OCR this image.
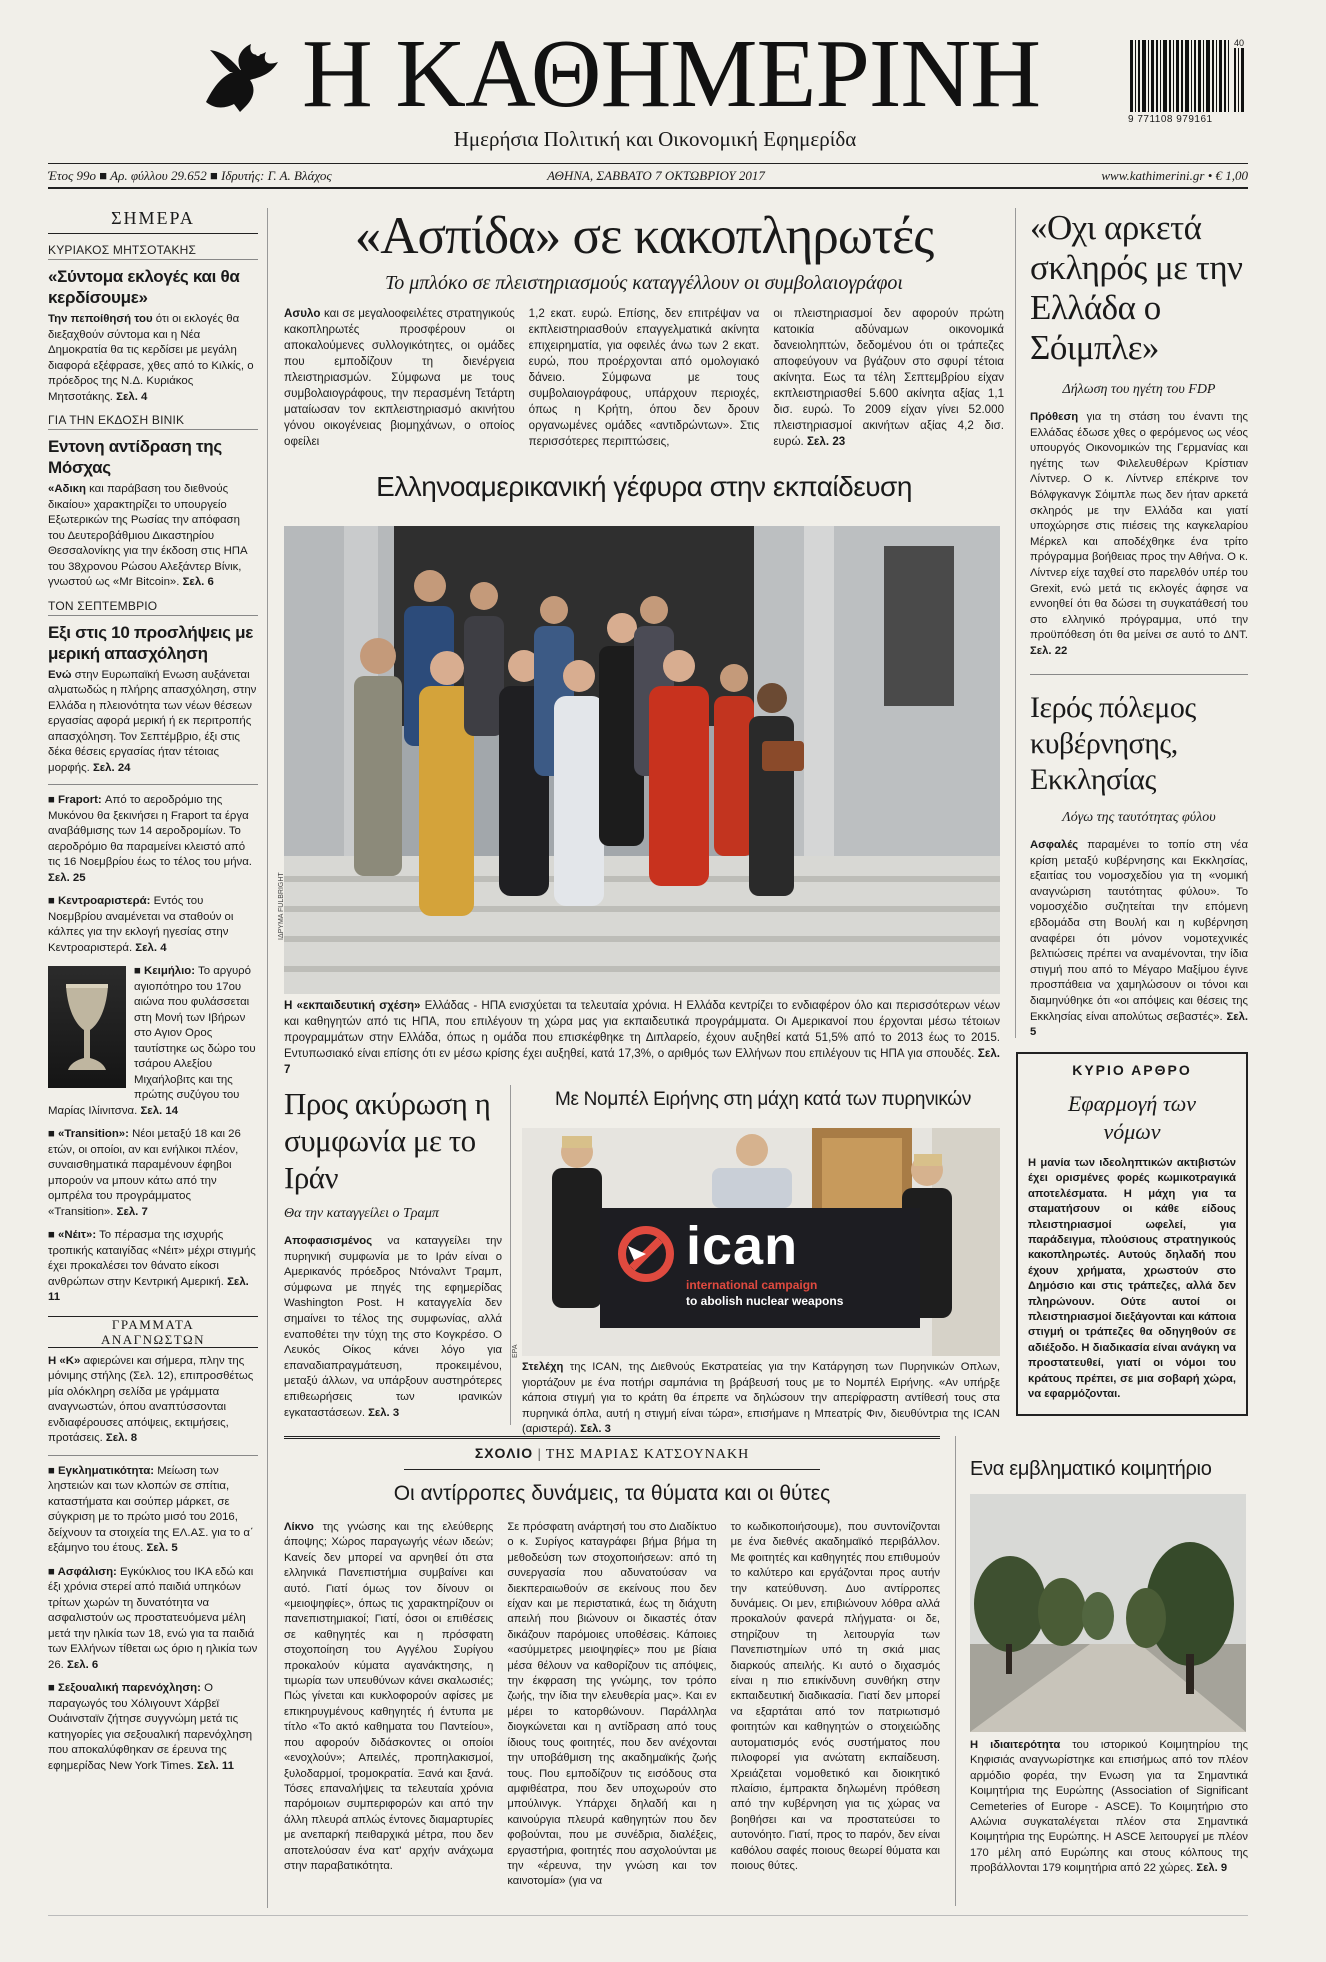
Η ΚΑΘΗΜΕΡΙΝΗ
Ημερήσια Πολιτική και Οικονομική Εφημερίδα
40
9 771108 979161
Έτος 99ο ■ Αρ. φύλλου 29.652 ■ Ιδρυτής: Γ. Α. Βλάχος	ΑΘΗΝΑ, ΣΑΒΒΑΤΟ 7 ΟΚΤΩΒΡΙΟΥ 2017	www.kathimerini.gr • € 1,00
ΣΗΜΕΡΑ
ΚΥΡΙΑΚΟΣ ΜΗΤΣΟΤΑΚΗΣ
«Σύντομα εκλογές και θα κερδίσουμε»

Την πεποίθησή του ότι οι εκλογές θα διεξαχθούν σύντομα και η Νέα Δημοκρατία θα τις κερδίσει με μεγάλη διαφορά εξέφρασε, χθες από το Κιλκίς, ο πρόεδρος της Ν.Δ. Κυριάκος Μητσοτάκης. Σελ. 4

ΓΙΑ ΤΗΝ ΕΚΔΟΣΗ ΒΙΝΙΚ
Εντονη αντίδραση της Μόσχας

«Αδικη και παράβαση του διεθνούς δικαίου» χαρακτηρίζει το υπουργείο Εξωτερικών της Ρωσίας την απόφαση του Δευτεροβάθμιου Δικαστηρίου Θεσσαλονίκης για την έκδοση στις ΗΠΑ του 38χρονου Ρώσου Αλεξάντερ Βίνικ, γνωστού ως «Mr Bitcoin». Σελ. 6

ΤΟΝ ΣΕΠΤΕΜΒΡΙΟ
Εξι στις 10 προσλήψεις με μερική απασχόληση

Ενώ στην Ευρωπαϊκή Ενωση αυξάνεται αλματωδώς η πλήρης απασχόληση, στην Ελλάδα η πλειονότητα των νέων θέσεων εργασίας αφορά μερική ή εκ περιτροπής απασχόληση. Τον Σεπτέμβριο, έξι στις δέκα θέσεις εργασίας ήταν τέτοιας μορφής. Σελ. 24

■ Fraport: Από το αεροδρόμιο της Μυκόνου θα ξεκινήσει η Fraport τα έργα αναβάθμισης των 14 αεροδρομίων. Το αεροδρόμιο θα παραμείνει κλειστό από τις 16 Νοεμβρίου έως το τέλος του μήνα. Σελ. 25

■ Κεντροαριστερά: Εντός του Νοεμβρίου αναμένεται να σταθούν οι κάλπες για την εκλογή ηγεσίας στην Κεντροαριστερά. Σελ. 4

■ Κειμήλιο: Το αργυρό αγιοπότηρο του 17ου αιώνα που φυλάσσεται στη Μονή των Ιβήρων στο Αγιον Ορος ταυτίστηκε ως δώρο του τσάρου Αλεξίου Μιχαήλοβιτς και της πρώτης συζύγου του Μαρίας Ιλίινιτσνα. Σελ. 14

■ «Transition»: Νέοι μεταξύ 18 και 26 ετών, οι οποίοι, αν και ενήλικοι πλέον, συναισθηματικά παραμένουν έφηβοι μπορούν να μπουν κάτω από την ομπρέλα του προγράμματος «Transition». Σελ. 7

■ «Νέιτ»: Το πέρασμα της ισχυρής τροπικής καταιγίδας «Νέιτ» μέχρι στιγμής έχει προκαλέσει τον θάνατο είκοσι ανθρώπων στην Κεντρική Αμερική. Σελ. 11

ΓΡΑΜΜΑΤΑ ΑΝΑΓΝΩΣΤΩΝ

Η «Κ» αφιερώνει και σήμερα, πλην της μόνιμης στήλης (Σελ. 12), επιπροσθέτως μία ολόκληρη σελίδα με γράμματα αναγνωστών, όπου αναπτύσσονται ενδιαφέρουσες απόψεις, εκτιμήσεις, προτάσεις. Σελ. 8

■ Εγκληματικότητα: Μείωση των ληστειών και των κλοπών σε σπίτια, καταστήματα και σούπερ μάρκετ, σε σύγκριση με το πρώτο μισό του 2016, δείχνουν τα στοιχεία της ΕΛ.ΑΣ. για το α΄ εξάμηνο του έτους. Σελ. 5

■ Ασφάλιση: Εγκύκλιος του ΙΚΑ εδώ και έξι χρόνια στερεί από παιδιά υπηκόων τρίτων χωρών τη δυνατότητα να ασφαλιστούν ως προστατευόμενα μέλη μετά την ηλικία των 18, ενώ για τα παιδιά των Ελλήνων τίθεται ως όριο η ηλικία των 26. Σελ. 6

■ Σεξουαλική παρενόχληση: Ο παραγωγός του Χόλιγουντ Χάρβεϊ Ουάινσταϊν ζήτησε συγγνώμη μετά τις κατηγορίες για σεξουαλική παρενόχληση που αποκαλύφθηκαν σε έρευνα της εφημερίδας New York Times. Σελ. 11

«Ασπίδα» σε κακοπληρωτές
Το μπλόκο σε πλειστηριασμούς καταγγέλλουν οι συμβολαιογράφοι

Ασυλο και σε μεγαλοοφειλέτες στρατηγικούς κακοπληρωτές προσφέρουν οι αποκαλούμενες συλλογικότητες, οι ομάδες που εμποδίζουν τη διενέργεια πλειστηριασμών. Σύμφωνα με τους συμβολαιογράφους, την περασμένη Τετάρτη ματαίωσαν τον εκπλειστηριασμό ακινήτου γόνου οικογένειας βιομηχάνων, ο οποίος οφείλει

1,2 εκατ. ευρώ. Επίσης, δεν επιτρέψαν να εκπλειστηριασθούν επαγγελματικά ακίνητα επιχειρηματία, για οφειλές άνω των 2 εκατ. ευρώ, που προέρχονται από ομολογιακό δάνειο. Σύμφωνα με τους συμβολαιογράφους, υπάρχουν περιοχές, όπως η Κρήτη, όπου δεν δρουν οργανωμένες ομάδες «αντιδρώντων». Στις περισσότερες περιπτώσεις,

οι πλειστηριασμοί δεν αφορούν πρώτη κατοικία αδύναμων οικονομικά δανειοληπτών, δεδομένου ότι οι τράπεζες αποφεύγουν να βγάζουν στο σφυρί τέτοια ακίνητα. Εως τα τέλη Σεπτεμβρίου είχαν εκπλειστηριασθεί 5.600 ακίνητα αξίας 1,1 δισ. ευρώ. Το 2009 είχαν γίνει 52.000 πλειστηριασμοί ακινήτων αξίας 4,2 δισ. ευρώ. Σελ. 23

Ελληνοαμερικανική γέφυρα στην εκπαίδευση
ΙΔΡΥΜΑ FULBRIGHT

Η «εκπαιδευτική σχέση» Ελλάδας - ΗΠΑ ενισχύεται τα τελευταία χρόνια. Η Ελλάδα κεντρίζει το ενδιαφέρον όλο και περισσότερων νέων και καθηγητών από τις ΗΠΑ, που επιλέγουν τη χώρα μας για εκπαιδευτικά προγράμματα. Οι Αμερικανοί που έρχονται μέσω τέτοιων προγραμμάτων στην Ελλάδα, όπως η ομάδα που επισκέφθηκε τη Διπλαρείο, έχουν αυξηθεί κατά 51,5% από το 2013 έως το 2015. Εντυπωσιακό είναι επίσης ότι εν μέσω κρίσης έχει αυξηθεί, κατά 17,3%, ο αριθμός των Ελλήνων που επιλέγουν τις ΗΠΑ για σπουδές. Σελ. 7

«Οχι αρκετά σκληρός με την Ελλάδα ο Σόιμπλε»
Δήλωση του ηγέτη του FDP

Πρόθεση για τη στάση του έναντι της Ελλάδας έδωσε χθες ο φερόμενος ως νέος υπουργός Οικονομικών της Γερμανίας και ηγέτης των Φιλελευθέρων Κρίστιαν Λίντνερ. Ο κ. Λίντνερ επέκρινε τον Βόλφγκανγκ Σόιμπλε πως δεν ήταν αρκετά σκληρός με την Ελλάδα και γιατί υποχώρησε στις πιέσεις της καγκελαρίου Μέρκελ και αποδέχθηκε ένα τρίτο πρόγραμμα βοήθειας προς την Αθήνα. Ο κ. Λίντνερ είχε ταχθεί στο παρελθόν υπέρ του Grexit, ενώ μετά τις εκλογές άφησε να εννοηθεί ότι θα δώσει τη συγκατάθεσή του στο ελληνικό πρόγραμμα, υπό την προϋπόθεση ότι θα μείνει σε αυτό το ΔΝΤ. Σελ. 22

Ιερός πόλεμος κυβέρνησης, Εκκλησίας
Λόγω της ταυτότητας φύλου

Ασφαλές παραμένει το τοπίο στη νέα κρίση μεταξύ κυβέρνησης και Εκκλησίας, εξαιτίας του νομοσχεδίου για τη «νομική αναγνώριση ταυτότητας φύλου». Το νομοσχέδιο συζητείται την επόμενη εβδομάδα στη Βουλή και η κυβέρνηση αναφέρει ότι μόνον νομοτεχνικές βελτιώσεις πρέπει να αναμένονται, την ίδια στιγμή που από το Μέγαρο Μαξίμου έγινε προσπάθεια να χαμηλώσουν οι τόνοι και διαμηνύθηκε ότι «οι απόψεις και θέσεις της Εκκλησίας είναι απολύτως σεβαστές». Σελ. 5

ΚΥΡΙΟ ΑΡΘΡΟ
Εφαρμογή των νόμων

Η μανία των ιδεοληπτικών ακτιβιστών έχει ορισμένες φορές κωμικοτραγικά αποτελέσματα. Η μάχη για τα σταματήσουν οι κάθε είδους πλειστηριασμοί ωφελεί, για παράδειγμα, πλούσιους στρατηγικούς κακοπληρωτές. Αυτούς δηλαδή που έχουν χρήματα, χρωστούν στο Δημόσιο και στις τράπεζες, αλλά δεν πληρώνουν. Ούτε αυτοί οι πλειστηριασμοί διεξάγονται και κάποια στιγμή οι τράπεζες θα οδηγηθούν σε αδιέξοδο. Η διαδικασία είναι ανάγκη να προστατευθεί, γιατί οι νόμοι του κράτους πρέπει, σε μια σοβαρή χώρα, να εφαρμόζονται.

Προς ακύρωση η συμφωνία με το Ιράν
Θα την καταγγείλει ο Τραμπ

Αποφασισμένος να καταγγείλει την πυρηνική συμφωνία με το Ιράν είναι ο Αμερικανός πρόεδρος Ντόναλντ Τραμπ, σύμφωνα με πηγές της εφημερίδας Washington Post. Η καταγγελία δεν σημαίνει το τέλος της συμφωνίας, αλλά εναποθέτει την τύχη της στο Κογκρέσο. Ο Λευκός Οίκος κάνει λόγο για επαναδιαπραγμάτευση, προκειμένου, μεταξύ άλλων, να υπάρξουν αυστηρότερες επιθεωρήσεις των ιρανικών εγκαταστάσεων. Σελ. 3

Με Νομπέλ Ειρήνης στη μάχη κατά των πυρηνικών
ican
international campaign
to abolish nuclear weapons
EPA

Στελέχη της ICAN, της Διεθνούς Εκστρατείας για την Κατάργηση των Πυρηνικών Οπλων, γιορτάζουν με ένα ποτήρι σαμπάνια τη βράβευσή τους με το Νομπέλ Ειρήνης. «Αν υπήρξε κάποια στιγμή για το κράτη θα έπρεπε να δηλώσουν την απερίφραστη αντίθεσή τους στα πυρηνικά όπλα, αυτή η στιγμή είναι τώρα», επισήμανε η Μπεατρίς Φιν, διευθύντρια της ICAN (αριστερά). Σελ. 3

ΣΧΟΛΙΟ | ΤΗΣ ΜΑΡΙΑΣ ΚΑΤΣΟΥΝΑΚΗ
Οι αντίρροπες δυνάμεις, τα θύματα και οι θύτες

Λίκνο της γνώσης και της ελεύθερης άποψης; Χώρος παραγωγής νέων ιδεών; Κανείς δεν μπορεί να αρνηθεί ότι στα ελληνικά Πανεπιστήμια συμβαίνει και αυτό. Γιατί όμως τον δίνουν οι «μειοψηφίες», όπως τις χαρακτηρίζουν οι πανεπιστημιακοί; Γιατί, όσοι οι επιθέσεις σε καθηγητές και η πρόσφατη στοχοποίηση του Αγγέλου Συρίγου προκαλούν κύματα αγανάκτησης, η τιμωρία των υπευθύνων κάνει σκαλωσιές; Πώς γίνεται και κυκλοφορούν αφίσες με επικηρυγμένους καθηγητές ή έντυπα με τίτλο «Το ακτό καθηματα του Παντείου», που αφορούν διδάσκοντες οι οποίοι «ενοχλούν»; Απειλές, προπηλακισμοί, ξυλοδαρμοί, τρομοκρατία. Ξανά και ξανά. Τόσες επαναλήψεις τα τελευταία χρόνια παρόμοιων συμπεριφορών και από την άλλη πλευρά απλώς έντονες διαμαρτυρίες με ανεπαρκή πειθαρχικά μέτρα, που δεν αποτελούσαν ένα κατ' αρχήν ανάχωμα στην παραβατικότητα.

Σε πρόσφατη ανάρτησή του στο Διαδίκτυο ο κ. Συρίγος καταγράφει βήμα βήμα τη μεθοδεύση των στοχοποιήσεων: από τη συνεργασία που αδυνατούσαν να διεκπεραιωθούν σε εκείνους που δεν είχαν και με περιστατικά, έως τη διάχυτη απειλή που βιώνουν οι δικαστές όταν δικάζουν παρόμοιες υποθέσεις. Κάποιες «ασύμμετρες μειοψηφίες» που με βίαια μέσα θέλουν να καθορίζουν τις απόψεις, την έκφραση της γνώμης, τον τρόπο ζωής, την ίδια την ελευθερία μας». Και εν μέρει το κατορθώνουν. Παράλληλα διογκώνεται και η αντίδραση από τους ίδιους τους φοιτητές, που δεν ανέχονται την υποβάθμιση της ακαδημαϊκής ζωής τους. Που εμποδίζουν τις εισόδους στα αμφιθέατρα, που δεν υποχωρούν στο μπούλινγκ. Υπάρχει δηλαδή και η καινούργια πλευρά καθηγητών που δεν φοβούνται, που με συνέδρια, διαλέξεις, εργαστήρια, φοιτητές που ασχολούνται με την «έρευνα, την γνώση και τον καινοτομία» (για να

το κωδικοποιήσουμε), που συντονίζονται με ένα διεθνές ακαδημαϊκό περιβάλλον. Με φοιτητές και καθηγητές που επιθυμούν το καλύτερο και εργάζονται προς αυτήν την κατεύθυνση. Δυο αντίρροπες δυνάμεις. Οι μεν, επιβιώνουν λόθρα αλλά προκαλούν φανερά πλήγματα· οι δε, στηρίζουν τη λειτουργία των Πανεπιστημίων υπό τη σκιά μιας διαρκούς απειλής. Κι αυτό ο διχασμός είναι η πιο επικίνδυνη συνθήκη στην εκπαιδευτική διαδικασία. Γιατί δεν μπορεί να εξαρτάται από τον πατριωτισμό φοιτητών και καθηγητών ο στοιχειώδης αυτοματισμός ενός συστήματος που πιλοφορεί για ανώτατη εκπαίδευση. Χρειάζεται νομοθετικό και διοικητικό πλαίσιο, έμπρακτα δηλωμένη πρόθεση από την κυβέρνηση για τις χώρας να βοηθήσει και να προστατεύσει το αυτονόητο. Γιατί, προς το παρόν, δεν είναι καθόλου σαφές ποιους θεωρεί θύματα και ποιους θύτες.

Ενα εμβληματικό κοιμητήριο

Η ιδιαιτερότητα του ιστορικού Κοιμητηρίου της Κηφισιάς αναγνωρίστηκε και επισήμως από τον πλέον αρμόδιο φορέα, την Ενωση για τα Σημαντικά Κοιμητήρια της Ευρώπης (Association of Significant Cemeteries of Europe - ASCE). Το Κοιμητήριο στο Αλώνια συγκαταλέγεται πλέον στα Σημαντικά Κοιμητήρια της Ευρώπης. Η ASCE λειτουργεί με πλέον 170 μέλη από Ευρώπης και στους κόλπους της προβάλλονται 179 κοιμητήρια από 22 χώρες. Σελ. 9
